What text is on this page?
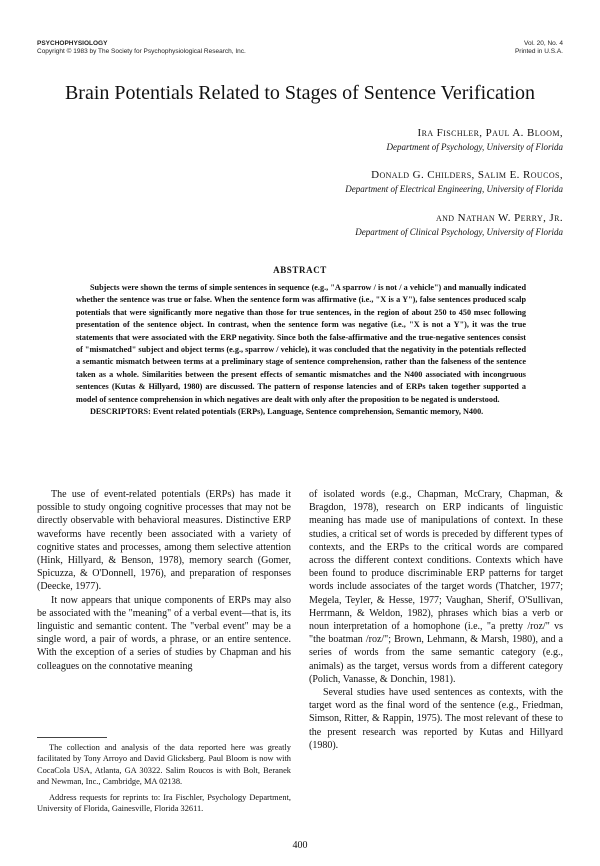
PSYCHOPHYSIOLOGY
Copyright © 1983 by The Society for Psychophysiological Research, Inc.
Vol. 20, No. 4
Printed in U.S.A.
Brain Potentials Related to Stages of Sentence Verification
Ira Fischler, Paul A. Bloom,
Department of Psychology, University of Florida
Donald G. Childers, Salim E. Roucos,
Department of Electrical Engineering, University of Florida
and Nathan W. Perry, Jr.
Department of Clinical Psychology, University of Florida
ABSTRACT

Subjects were shown the terms of simple sentences in sequence (e.g., "A sparrow / is not / a vehicle") and manually indicated whether the sentence was true or false. When the sentence form was affirmative (i.e., "X is a Y"), false sentences produced scalp potentials that were significantly more negative than those for true sentences, in the region of about 250 to 450 msec following presentation of the sentence object. In contrast, when the sentence form was negative (i.e., "X is not a Y"), it was the true statements that were associated with the ERP negativity. Since both the false-affirmative and the true-negative sentences consist of "mismatched" subject and object terms (e.g., sparrow / vehicle), it was concluded that the negativity in the potentials reflected a semantic mismatch between terms at a preliminary stage of sentence comprehension, rather than the falseness of the sentence taken as a whole. Similarities between the present effects of semantic mismatches and the N400 associated with incongruous sentences (Kutas & Hillyard, 1980) are discussed. The pattern of response latencies and of ERPs taken together supported a model of sentence comprehension in which negatives are dealt with only after the proposition to be negated is understood.

DESCRIPTORS: Event related potentials (ERPs), Language, Sentence comprehension, Semantic memory, N400.

The use of event-related potentials (ERPs) has made it possible to study ongoing cognitive processes that may not be directly observable with behavioral measures. Distinctive ERP waveforms have recently been associated with a variety of cognitive states and processes, among them selective attention (Hink, Hillyard, & Benson, 1978), memory search (Gomer, Spicuzza, & O'Donnell, 1976), and preparation of responses (Deecke, 1977).

It now appears that unique components of ERPs may also be associated with the "meaning" of a verbal event—that is, its linguistic and semantic content. The "verbal event" may be a single word, a pair of words, a phrase, or an entire sentence. With the exception of a series of studies by Chapman and his colleagues on the connotative meaning

The collection and analysis of the data reported here was greatly facilitated by Tony Arroyo and David Glicksberg. Paul Bloom is now with CocaCola USA, Atlanta, GA 30322. Salim Roucos is with Bolt, Beranek and Newman, Inc., Cambridge, MA 02138.

Address requests for reprints to: Ira Fischler, Psychology Department, University of Florida, Gainesville, Florida 32611.

of isolated words (e.g., Chapman, McCrary, Chapman, & Bragdon, 1978), research on ERP indicants of linguistic meaning has made use of manipulations of context. In these studies, a critical set of words is preceded by different types of contexts, and the ERPs to the critical words are compared across the different context conditions. Contexts which have been found to produce discriminable ERP patterns for target words include associates of the target words (Thatcher, 1977; Megela, Teyler, & Hesse, 1977; Vaughan, Sherif, O'Sullivan, Herrmann, & Weldon, 1982), phrases which bias a verb or noun interpretation of a homophone (i.e., "a pretty /roz/" vs "the boatman /roz/"; Brown, Lehmann, & Marsh, 1980), and a series of words from the same semantic category (e.g., animals) as the target, versus words from a different category (Polich, Vanasse, & Donchin, 1981).

Several studies have used sentences as contexts, with the target word as the final word of the sentence (e.g., Friedman, Simson, Ritter, & Rappin, 1975). The most relevant of these to the present research was reported by Kutas and Hillyard (1980).

400
